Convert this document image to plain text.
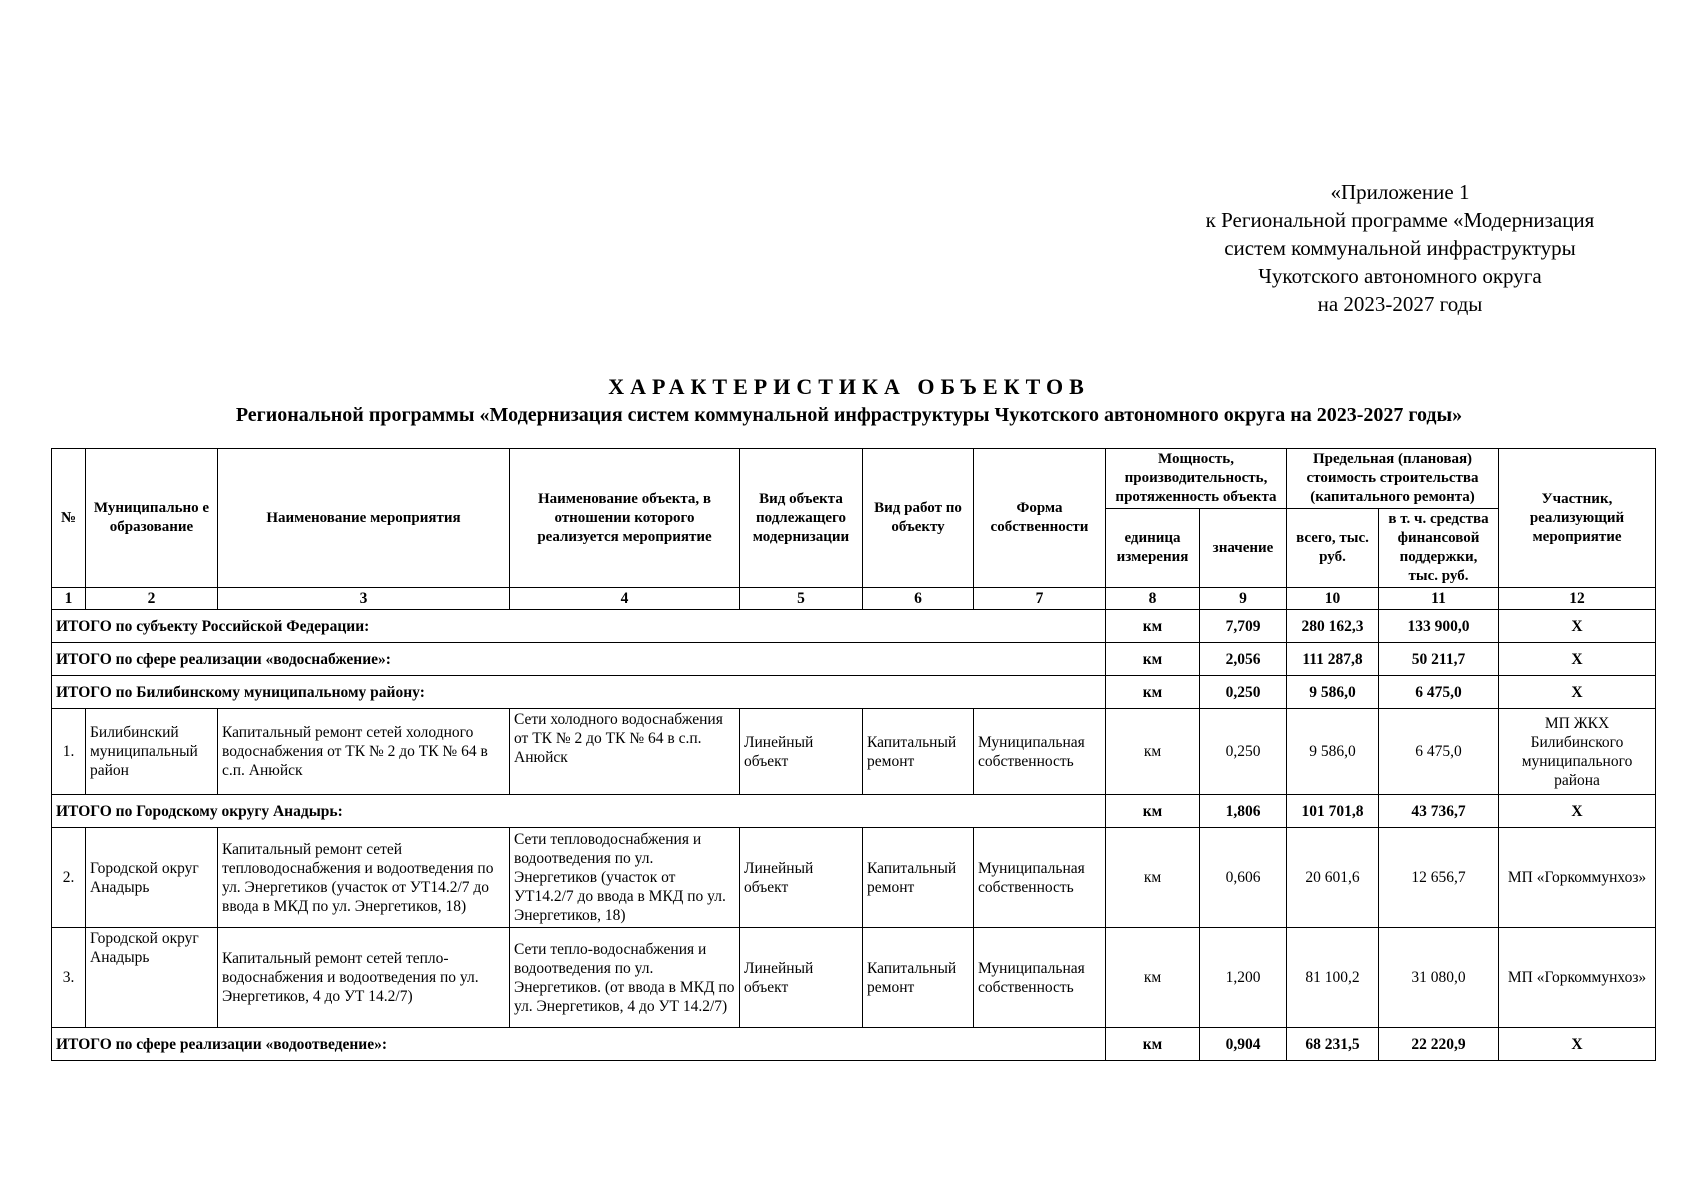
«Приложение 1
к Региональной программе «Модернизация
систем коммунальной инфраструктуры
Чукотского автономного округа
на 2023-2027 годы
ХАРАКТЕРИСТИКА ОБЪЕКТОВ
Региональной программы «Модернизация систем коммунальной инфраструктуры Чукотского автономного округа на 2023-2027 годы»
№	Муниципально е образование	Наименование мероприятия	Наименование объекта, в отношении которого реализуется мероприятие	Вид объекта подлежащего модернизации	Вид работ по объекту	Форма собственности	Мощность, производительность, протяженность объекта		Предельная (плановая) стоимость строительства (капитального ремонта)		Участник, реализующий мероприятие
							единица измерения	значение	всего, тыс. руб.	в т. ч. средства финансовой поддержки, тыс. руб.	
1	2	3	4	5	6	7	8	9	10	11	12
ИТОГО по субъекту Российской Федерации:							км	7,709	280 162,3	133 900,0	Х
ИТОГО по сфере реализации «водоснабжение»:							км	2,056	111 287,8	50 211,7	Х
ИТОГО по Билибинскому муниципальному району:							км	0,250	9 586,0	6 475,0	Х
1.	Билибинский муниципальный район	Капитальный ремонт сетей холодного водоснабжения от ТК № 2 до ТК № 64 в с.п. Анюйск	Сети холодного водоснабжения от ТК № 2 до ТК № 64 в с.п. Анюйск	Линейный объект	Капитальный ремонт	Муниципальная собственность	км	0,250	9 586,0	6 475,0	МП ЖКХ Билибинского муниципального района
ИТОГО по Городскому округу Анадырь:							км	1,806	101 701,8	43 736,7	Х
2.	Городской округ Анадырь	Капитальный ремонт сетей тепловодоснабжения и водоотведения по ул. Энергетиков (участок от УТ14.2/7 до ввода в МКД по ул. Энергетиков, 18)	Сети тепловодоснабжения и водоотведения по ул. Энергетиков (участок от УТ14.2/7 до ввода в МКД по ул. Энергетиков, 18)	Линейный объект	Капитальный ремонт	Муниципальная собственность	км	0,606	20 601,6	12 656,7	МП «Горкоммунхоз»
3.	Городской округ Анадырь	Капитальный ремонт сетей тепло-водоснабжения и водоотведения по ул. Энергетиков, 4 до УТ 14.2/7)	Сети тепло-водоснабжения и водоотведения по ул. Энергетиков. (от ввода в МКД по ул. Энергетиков, 4 до УТ 14.2/7)	Линейный объект	Капитальный ремонт	Муниципальная собственность	км	1,200	81 100,2	31 080,0	МП «Горкоммунхоз»
ИТОГО по сфере реализации «водоотведение»:							км	0,904	68 231,5	22 220,9	Х
